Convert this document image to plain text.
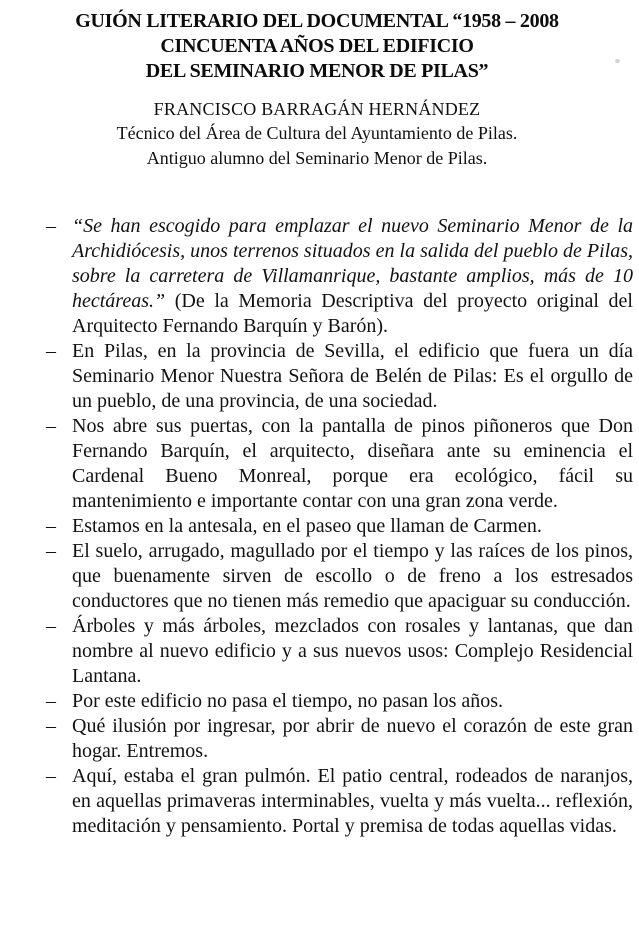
GUIÓN LITERARIO DEL DOCUMENTAL “1958 – 2008
CINCUENTA AÑOS DEL EDIFICIO
DEL SEMINARIO MENOR DE PILAS”
FRANCISCO BARRAGÁN HERNÁNDEZ
Técnico del Área de Cultura del Ayuntamiento de Pilas.
Antiguo alumno del Seminario Menor de Pilas.
– “Se han escogido para emplazar el nuevo Seminario Menor de la Archidiócesis, unos terrenos situados en la salida del pueblo de Pilas, sobre la carretera de Villamanrique, bastante amplios, más de 10 hectáreas.” (De la Memoria Descriptiva del proyecto original del Arquitecto Fernando Barquín y Barón).
– En Pilas, en la provincia de Sevilla, el edificio que fuera un día Seminario Menor Nuestra Señora de Belén de Pilas: Es el orgullo de un pueblo, de una provincia, de una sociedad.
– Nos abre sus puertas, con la pantalla de pinos piñoneros que Don Fernando Barquín, el arquitecto, diseñara ante su eminencia el Cardenal Bueno Monreal, porque era ecológico, fácil su mantenimiento e importante contar con una gran zona verde.
– Estamos en la antesala, en el paseo que llaman de Carmen.
– El suelo, arrugado, magullado por el tiempo y las raíces de los pinos, que buenamente sirven de escollo o de freno a los estresados conductores que no tienen más remedio que apaciguar su conducción.
– Árboles y más árboles, mezclados con rosales y lantanas, que dan nombre al nuevo edificio y a sus nuevos usos: Complejo Residencial Lantana.
– Por este edificio no pasa el tiempo, no pasan los años.
– Qué ilusión por ingresar, por abrir de nuevo el corazón de este gran hogar. Entremos.
– Aquí, estaba el gran pulmón. El patio central, rodeados de naranjos, en aquellas primaveras interminables, vuelta y más vuelta... reflexión, meditación y pensamiento. Portal y premisa de todas aquellas vidas.
